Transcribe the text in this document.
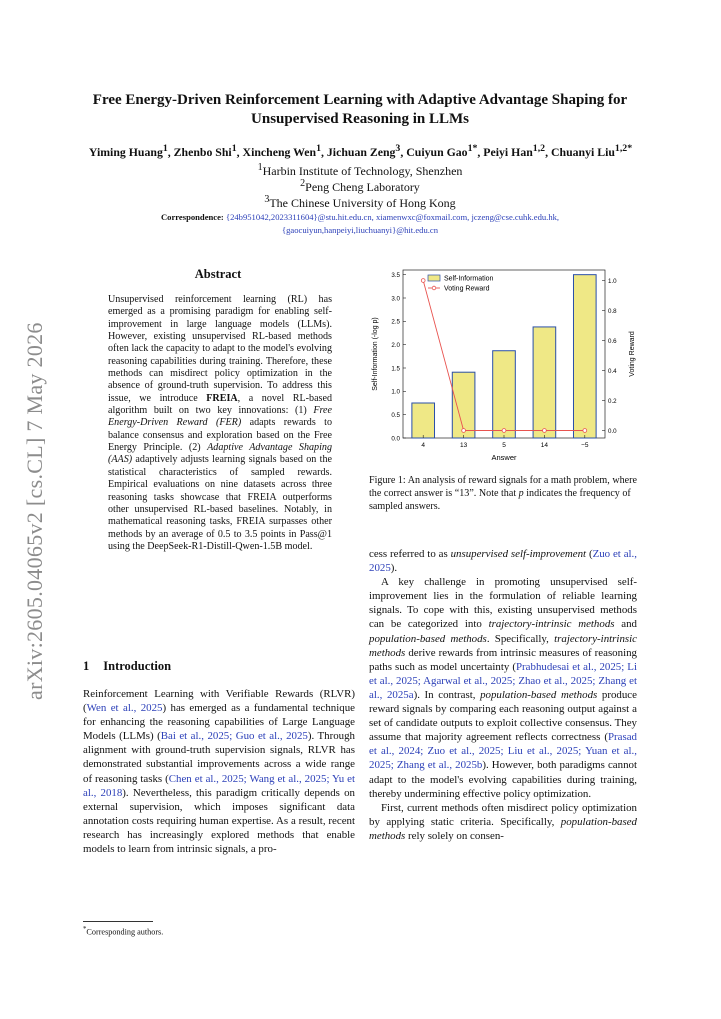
arXiv:2605.04065v2 [cs.CL] 7 May 2026
Free Energy-Driven Reinforcement Learning with Adaptive Advantage Shaping for Unsupervised Reasoning in LLMs
Yiming Huang$^1$, Zhenbo Shi$^1$, Xincheng Wen$^1$, Jichuan Zeng$^3$, Cuiyun Gao$^{1*}$, Peiyi Han$^{1,2}$, Chuanyi Liu$^{1,2*}$
$^1$Harbin Institute of Technology, Shenzhen
$^2$Peng Cheng Laboratory
$^3$The Chinese University of Hong Kong
Correspondence: {24b951042,2023311604}@stu.hit.edu.cn, xiamenwxc@foxmail.com, jczeng@cse.cuhk.edu.hk,
{gaocuiyun,hanpeiyi,liuchuanyi}@hit.edu.cn
Abstract
Unsupervised reinforcement learning (RL) has emerged as a promising paradigm for enabling self-improvement in large language models (LLMs). However, existing unsupervised RL-based methods often lack the capacity to adapt to the model's evolving reasoning capabilities during training. Therefore, these methods can misdirect policy optimization in the absence of ground-truth supervision. To address this issue, we introduce FREIA, a novel RL-based algorithm built on two key innovations: (1) Free Energy-Driven Reward (FER) adapts rewards to balance consensus and exploration based on the Free Energy Principle. (2) Adaptive Advantage Shaping (AAS) adaptively adjusts learning signals based on the statistical characteristics of sampled rewards. Empirical evaluations on nine datasets across three reasoning tasks showcase that FREIA outperforms other unsupervised RL-based baselines. Notably, in mathematical reasoning tasks, FREIA surpasses other methods by an average of 0.5 to 3.5 points in Pass@1 using the DeepSeek-R1-Distill-Qwen-1.5B model.
1 Introduction

Reinforcement Learning with Verifiable Rewards (RLVR) (Wen et al., 2025) has emerged as a fundamental technique for enhancing the reasoning capabilities of Large Language Models (LLMs) (Bai et al., 2025; Guo et al., 2025). Through alignment with ground-truth supervision signals, RLVR has demonstrated substantial improvements across a wide range of reasoning tasks (Chen et al., 2025; Wang et al., 2025; Yu et al., 2018). Nevertheless, this paradigm critically depends on external supervision, which imposes significant data annotation costs requiring human expertise. As a result, recent research has increasingly explored methods that enable models to learn from intrinsic signals, a pro-

0.0
0.5
1.0
1.5
2.0
2.5
3.0
3.5
0.0
0.2
0.4
0.6
0.8
1.0
4	13	5	14	−5
Answer
Self-Information (-log p)	Voting Reward
Self-Information
Voting Reward
Figure 1: An analysis of reward signals for a math problem, where the correct answer is “13”. Note that p indicates the frequency of sampled answers.

cess referred to as unsupervised self-improvement (Zuo et al., 2025).

A key challenge in promoting unsupervised self-improvement lies in the formulation of reliable learning signals. To cope with this, existing unsupervised methods can be categorized into trajectory-intrinsic methods and population-based methods. Specifically, trajectory-intrinsic methods derive rewards from intrinsic measures of reasoning paths such as model uncertainty (Prabhudesai et al., 2025; Li et al., 2025; Agarwal et al., 2025; Zhao et al., 2025; Zhang et al., 2025a). In contrast, population-based methods produce reward signals by comparing each reasoning output against a set of candidate outputs to exploit collective consensus. They assume that majority agreement reflects correctness (Prasad et al., 2024; Zuo et al., 2025; Liu et al., 2025; Yuan et al., 2025; Zhang et al., 2025b). However, both paradigms cannot adapt to the model's evolving capabilities during training, thereby undermining effective policy optimization.

First, current methods often misdirect policy optimization by applying static criteria. Specifically, population-based methods rely solely on consen-

*Corresponding authors.
